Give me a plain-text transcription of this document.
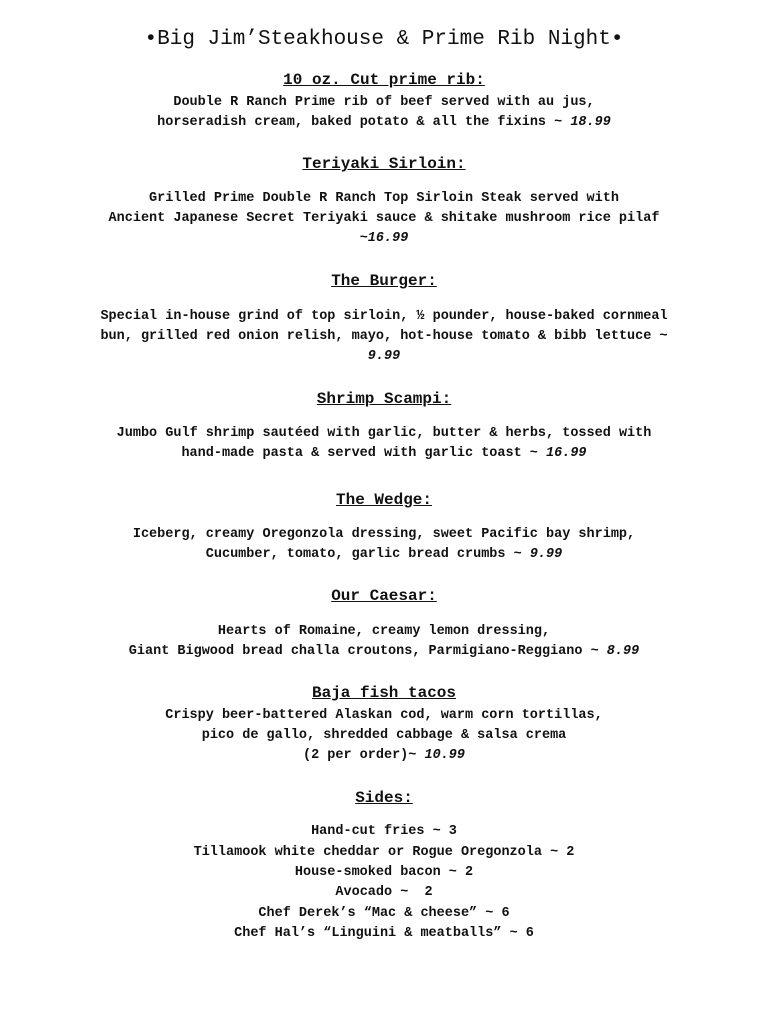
•Big Jim’Steakhouse & Prime Rib Night•
10 oz. Cut prime rib:
Double R Ranch Prime rib of beef served with au jus,
horseradish cream, baked potato & all the fixins ~ 18.99
Teriyaki Sirloin:
Grilled Prime Double R Ranch Top Sirloin Steak served with
Ancient Japanese Secret Teriyaki sauce & shitake mushroom rice pilaf
~16.99
The Burger:
Special in-house grind of top sirloin, ½ pounder, house-baked cornmeal
bun, grilled red onion relish, mayo, hot-house tomato & bibb lettuce ~
9.99
Shrimp Scampi:
Jumbo Gulf shrimp sautéed with garlic, butter & herbs, tossed with
hand-made pasta & served with garlic toast ~ 16.99
The Wedge:
Iceberg, creamy Oregonzola dressing, sweet Pacific bay shrimp,
Cucumber, tomato, garlic bread crumbs ~ 9.99
Our Caesar:
Hearts of Romaine, creamy lemon dressing,
Giant Bigwood bread challa croutons, Parmigiano-Reggiano ~ 8.99
Baja fish tacos
Crispy beer-battered Alaskan cod, warm corn tortillas,
pico de gallo, shredded cabbage & salsa crema
(2 per order)~ 10.99
Sides:
Hand-cut fries ~ 3
Tillamook white cheddar or Rogue Oregonzola ~ 2
House-smoked bacon ~ 2
Avocado ~  2
Chef Derek’s “Mac & cheese” ~ 6
Chef Hal’s “Linguini & meatballs” ~ 6
